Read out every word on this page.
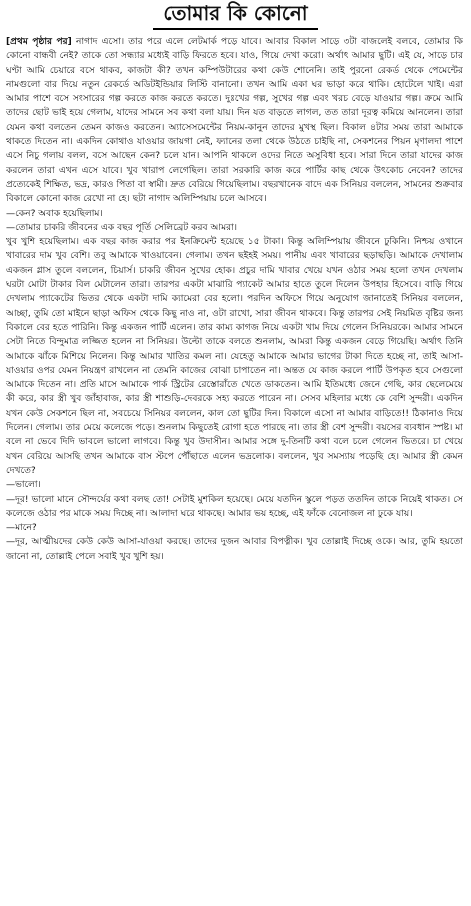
তোমার কি কোনো

[প্রথম পৃষ্ঠার পর] নাগাদ এসো। তার পরে এলে লেটমার্ক পড়ে যাবে। আবার বিকাল সাড়ে ৩টা বাজলেই বলবে, তোমার কি কোনো বান্ধবী নেই? তাকে তো সন্ধ্যার মধ্যেই বাড়ি ফিরতে হবে। যাও, গিয়ে দেখা করো। অর্থাৎ আমার ছুটি। এই যে, সাড়ে চার ঘণ্টা আমি চেয়ারে বসে থাকব, কাজটা কী? তখন কম্পিউটারের কথা কেউ শোনেনি। তাই পুরনো রেকর্ড থেকে পেমেন্টের নামগুলো বার দিয়ে নতুন রেকর্ডে অডিটইন্ডিয়ার লিস্টি বানানো। তখন আমি একা ঘর ভাড়া করে থাকি। হোটেলে খাই। এরা আমার পাশে বসে সংসারের গল্প করতে কাজ করতে করতে। দুঃখের গল্প, সুখের গল্প এবং খরচ বেড়ে যাওয়ার গল্প। ক্রমে আমি তাদের ছোট ভাই হয়ে গেলাম, যাদের সামনে সব কথা বলা যায়। দিন যত বাড়তে লাগল, তত তারা দূরত্ব কমিয়ে আনলেন। তারা যেমন কথা বলতেন তেমন কাজও করতেন। অ্যাসেসমেন্টের নিয়ম-কানুন তাদের মুখস্থ ছিল। বিকাল ৪টার সময় তারা আমাকে থাকতে দিতেন না। একদিন কোথাও যাওয়ার জায়গা নেই, ফ্যানের তলা থেকে উঠতে চাইছি না, সেকশনের পিয়ন মৃণালদা পাশে এসে নিচু গলায় বলল, বসে আছেন কেন? চলে যান। আপনি থাকলে ওদের নিতে অসুবিধা হবে। সারা দিনে তারা যাদের কাজ করলেন তারা এখন এসে যাবে। খুব খারাপ লেগেছিল। তারা সরকারি কাজ করে পার্টির কাছ থেকে উৎকোচ নেবেন? তাদের প্রত্যেকেই শিক্ষিত, ভদ্র, কারও পিতা বা স্বামী। দ্রুত বেরিয়ে গিয়েছিলাম। বছরখানেক বাদে এক সিনিয়র বললেন, সামনের শুক্রবার বিকালে কোনো কাজ রেখো না হে। ছটা নাগাদ অলিম্পিয়ায় চলে আসবে।

—কেন? অবাক হয়েছিলাম।

—তোমার চাকরি জীবনের এক বছর পূর্তি সেলিব্রেট করব আমরা।

খুব খুশি হয়েছিলাম। এক বছর কাজ করার পর ইনক্রিমেন্ট হয়েছে ১৫ টাকা। কিন্তু অলিম্পিয়ায় জীবনে ঢুকিনি। নিশ্চয় ওখানে খাবারের দাম খুব বেশি। তবু আমাকে খাওয়াবেন। গেলাম। তখন ছইহই সময়। পানীয় এবং খাবারের ছড়াছড়ি। আমাকে দেখালাম একজন গ্লাস তুলে বললেন, চিয়ার্স। চাকরি জীবন সুখের হোক। প্রচুর দামি খাবার খেয়ে যখন ওঠার সময় হলো তখন দেখলাম ঘরটা মোটা টাকার বিল মেটালেন তারা। তারপর একটা মাঝারি প্যাকেট আমার হাতে তুলে দিলেন উপহার হিসেবে। বাড়ি গিয়ে দেখলাম প্যাকেটের ভিতর থেকে একটা দামি ক্যামেরা বের হলো। পরদিন অফিসে গিয়ে অনুযোগ জানাতেই সিনিয়র বললেন, আচ্ছা, তুমি তো মাইনে ছাড়া অফিস থেকে কিছু নাও না, ওটা রাখো, সারা জীবন থাকবে। কিন্তু তারপর সেই নিয়মিত বৃষ্টির জন্য বিকালে বের হতে পারিনি। কিন্তু একজন পার্টি এলেন। তার কাম্য কাগজ নিয়ে একটা খাম দিয়ে গেলেন সিনিয়রকে। আমার সামনে সেটা নিতে বিন্দুমাত্র লজ্জিত হলেন না সিনিয়র। উল্টো তাকে বলতে শুনলাম, আমরা কিন্তু একজন বেড়ে গিয়েছি। অর্থাৎ তিনি আমাকে ঝাঁকে মিশিয়ে নিলেন। কিন্তু আমার খাতির কমল না। যেহেতু আমাকে আমার ভাগের টাকা দিতে হচ্ছে না, তাই আসা-যাওয়ার ওপর যেমন নিয়ন্ত্রণ রাখলেন না তেমনি কাজের বোঝা চাপাতেন না। অন্তত যে কাজ করলে পার্টি উপকৃত হবে সেগুলো আমাকে দিতেন না। প্রতি মাসে আমাকে পার্ক স্ট্রিটের রেস্তোরাঁতে খেতে ডাকতেন। আমি ইতিমধ্যে জেনে গেছি, কার ছেলেমেয়ে কী করে, কার স্ত্রী খুব জাঁহাবাজ, কার স্ত্রী শাশুড়ি-দেবরকে সহ্য করতে পারেন না। সেসব মহিলার মধ্যে কে বেশি সুন্দরী। একদিন যখন কেউ সেকশনে ছিল না, সবচেয়ে সিনিয়র বললেন, কাল তো ছুটির দিন। বিকালে এসো না আমার বাড়িতে!! ঠিকানাও দিয়ে দিলেন। গেলাম। তার মেয়ে কলেজে পড়ে। শুনলাম কিছুতেই রোগা হতে পারছে না। তার স্ত্রী বেশ সুন্দরী। বয়সের ব্যবধান স্পষ্ট। মা বলে না ভেবে দিদি ভাবলে ভালো লাগবে। কিন্তু খুব উদাসীন। আমার সঙ্গে দু-তিনটি কথা বলে চলে গেলেন ভিতরে। চা খেয়ে যখন বেরিয়ে আসছি তখন আমাকে বাস স্টপে পৌঁছাতে এলেন ভদ্রলোক। বললেন, খুব সমস্যায় পড়েছি হে। আমার স্ত্রী কেমন দেখতে?

—ভালো।

—দূর! ভালো মানে সৌন্দর্যের কথা বলছ তো! সেটাই মুশকিল হয়েছে। মেয়ে যতদিন স্কুলে পড়ত ততদিন তাকে নিয়েই থাকত। সে কলেজে ওঠার পর মাকে সময় দিচ্ছে না। আলাদা ঘরে থাকছে। আমার ভয় হচ্ছে, এই ফাঁকে বেনোজল না ঢুকে যায়।

—মানে?

—দূর, আত্মীয়দের কেউ কেউ আসা-যাওয়া করছে। তাদের দুজন আবার বিপত্নীক। খুব তোল্লাই দিচ্ছে ওকে। আর, তুমি হয়তো জানো না, তোল্লাই পেলে সবাই খুব খুশি হয়।
